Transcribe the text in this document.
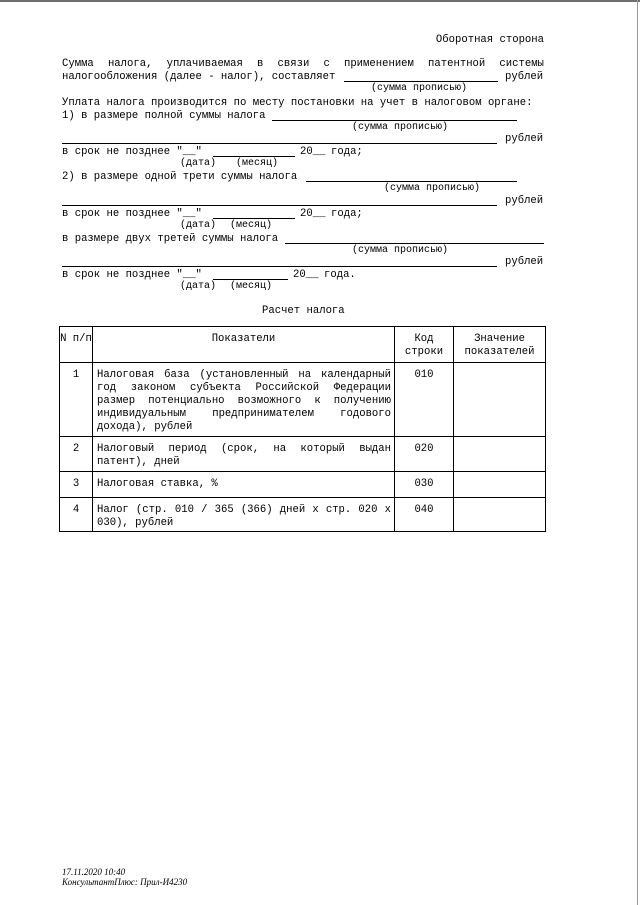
Оборотная сторона
Сумма налога, уплачиваемая в связи с применением патентной системы
налогообложения (далее - налог), составляет	рублей
(сумма прописью)
Уплата налога производится по месту постановки на учет в налоговом органе:
1) в размере полной суммы налога
(сумма прописью)
рублей
в срок не позднее "__"	20__ года;
(дата) (месяц)
2) в размере одной трети суммы налога
(сумма прописью)
рублей
в срок не позднее "__"	20__ года;
(дата) (месяц)
в размере двух третей суммы налога
(сумма прописью)
рублей
в срок не позднее "__"	20__ года.
(дата) (месяц)
Расчет налога
N п/п	Показатели	Код строки	Значение показателей
1	Налоговая база (установленный на календарный год законом субъекта Российской Федерации размер потенциально возможного к получению индивидуальным предпринимателем годового дохода), рублей	010	
2	Налоговый период (срок, на который выдан патент), дней	020	
3	Налоговая ставка, %	030	
4	Налог (стр. 010 / 365 (366) дней x стр. 020 x 030), рублей	040	
17.11.2020 10:40
КонсультантПлюс: Прил-И4230
